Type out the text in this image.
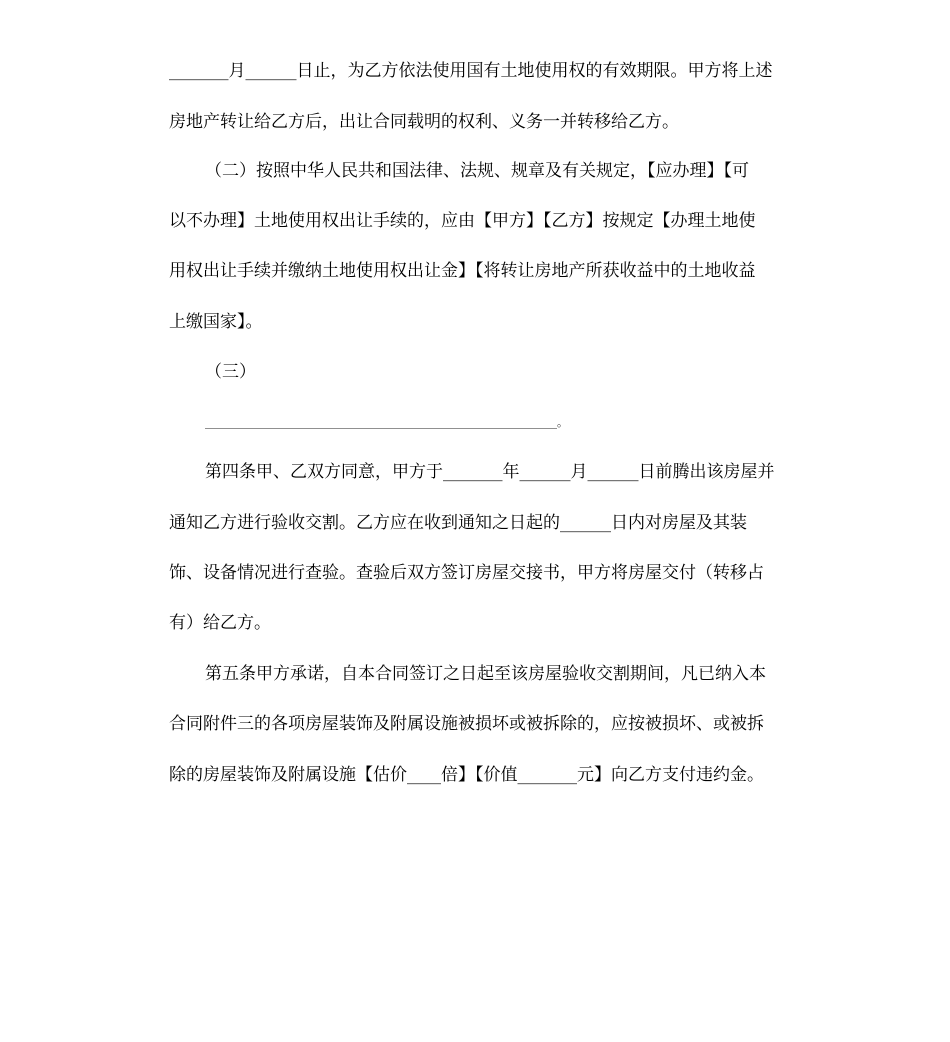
_______月______日止，为乙方依法使用国有土地使用权的有效期限。甲方将上述
房地产转让给乙方后，出让合同载明的权利、义务一并转移给乙方。
（二）按照中华人民共和国法律、法规、规章及有关规定，【应办理】【可
以不办理】土地使用权出让手续的，应由【甲方】【乙方】按规定【办理土地使
用权出让手续并缴纳土地使用权出让金】【将转让房地产所获收益中的土地收益
上缴国家】。
（三）
________________________________________________________________。
第四条甲、乙双方同意，甲方于_______年______月______日前腾出该房屋并
通知乙方进行验收交割。乙方应在收到通知之日起的______日内对房屋及其装
饰、设备情况进行查验。查验后双方签订房屋交接书，甲方将房屋交付（转移占
有）给乙方。
第五条甲方承诺，自本合同签订之日起至该房屋验收交割期间，凡已纳入本
合同附件三的各项房屋装饰及附属设施被损坏或被拆除的，应按被损坏、或被拆
除的房屋装饰及附属设施【估价____倍】【价值_______元】向乙方支付违约金。
